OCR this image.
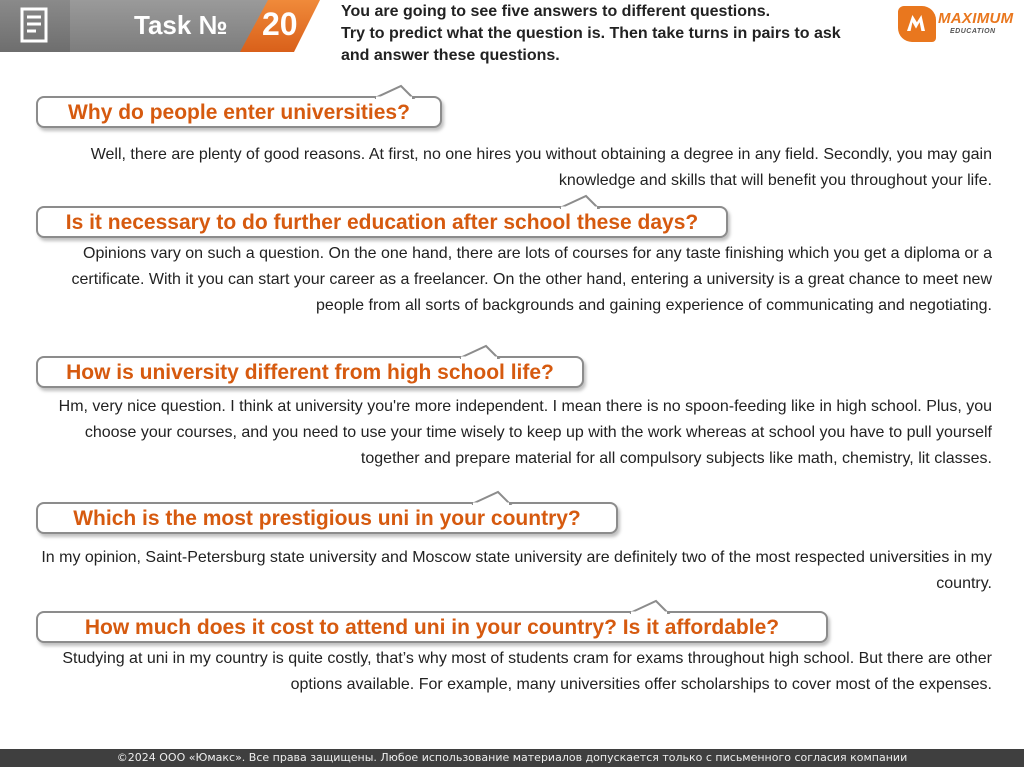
Task № 20	You are going to see five answers to different questions.
Try to predict what the question is. Then take turns in pairs to ask and answer these questions.
MAXIMUM
EDUCATION
Why do people enter universities?
Well, there are plenty of good reasons. At first, no one hires you without obtaining a degree in any field. Secondly, you may gain knowledge and skills that will benefit you throughout your life.
Is it necessary to do further education after school these days?
Opinions vary on such a question. On the one hand, there are lots of courses for any taste finishing which you get a diploma or a certificate. With it you can start your career as a freelancer. On the other hand, entering a university is a great chance to meet new people from all sorts of backgrounds and gaining experience of communicating and negotiating.
How is university different from high school life?
Hm, very nice question. I think at university you're more independent. I mean there is no spoon-feeding like in high school. Plus, you choose your courses, and you need to use your time wisely to keep up with the work whereas at school you have to pull yourself together and prepare material for all compulsory subjects like math, chemistry, lit classes.
Which is the most prestigious uni in your country?
In my opinion, Saint-Petersburg state university and Moscow state university are definitely two of the most respected universities in my country.
How much does it cost to attend uni in your country? Is it affordable?
Studying at uni in my country is quite costly, that’s why most of students cram for exams throughout high school. But there are other options available. For example, many universities offer scholarships to cover most of the expenses.
©2024 ООО «Юмакс». Все права защищены. Любое использование материалов допускается только с письменного согласия компании
